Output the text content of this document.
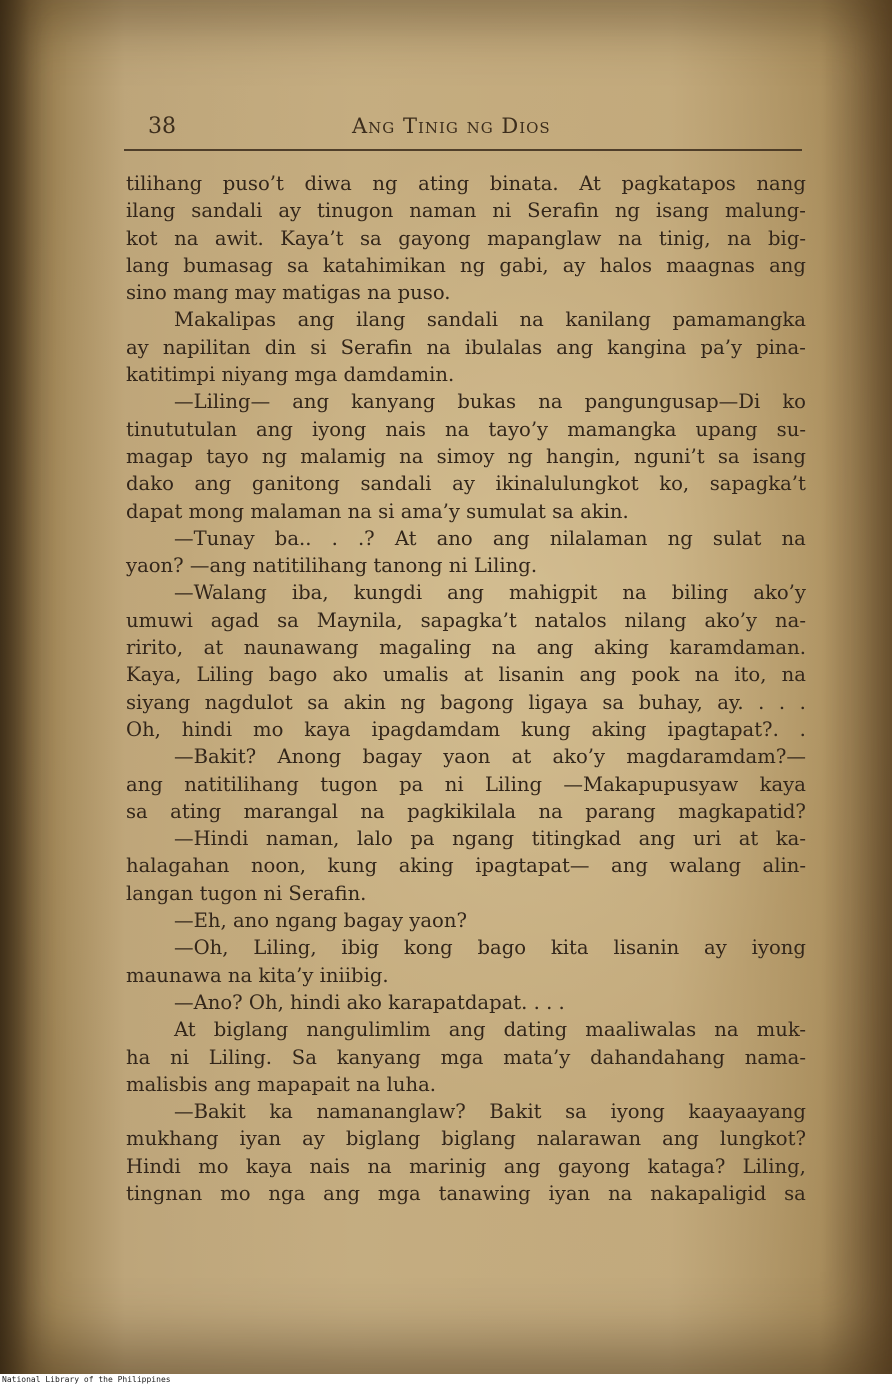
38	Ang Tinig ng Dios
tilihang puso’t diwa ng ating binata. At pagkatapos nang
ilang sandali ay tinugon naman ni Serafin ng isang malung-
kot na awit. Kaya’t sa gayong mapanglaw na tinig, na big-
lang bumasag sa katahimikan ng gabi, ay halos maagnas ang
sino mang may matigas na puso.
Makalipas ang ilang sandali na kanilang pamamangka
ay napilitan din si Serafin na ibulalas ang kangina pa’y pina-
katitimpi niyang mga damdamin.
—Liling— ang kanyang bukas na pangungusap—Di ko
tinututulan ang iyong nais na tayo’y mamangka upang su-
magap tayo ng malamig na simoy ng hangin, nguni’t sa isang
dako ang ganitong sandali ay ikinalulungkot ko, sapagka’t
dapat mong malaman na si ama’y sumulat sa akin.
—Tunay ba.. . .? At ano ang nilalaman ng sulat na
yaon? —ang natitilihang tanong ni Liling.
—Walang iba, kungdi ang mahigpit na biling ako’y
umuwi agad sa Maynila, sapagka’t natalos nilang ako’y na-
ririto, at naunawang magaling na ang aking karamdaman.
Kaya, Liling bago ako umalis at lisanin ang pook na ito, na
siyang nagdulot sa akin ng bagong ligaya sa buhay, ay. . . .
Oh, hindi mo kaya ipagdamdam kung aking ipagtapat?. .
—Bakit? Anong bagay yaon at ako’y magdaramdam?—
ang natitilihang tugon pa ni Liling —Makapupusyaw kaya
sa ating marangal na pagkikilala na parang magkapatid?
—Hindi naman, lalo pa ngang titingkad ang uri at ka-
halagahan noon, kung aking ipagtapat— ang walang alin-
langan tugon ni Serafin.
—Eh, ano ngang bagay yaon?
—Oh, Liling, ibig kong bago kita lisanin ay iyong
maunawa na kita’y iniibig.
—Ano? Oh, hindi ako karapatdapat. . . .
At biglang nangulimlim ang dating maaliwalas na muk-
ha ni Liling. Sa kanyang mga mata’y dahandahang nama-
malisbis ang mapapait na luha.
—Bakit ka namananglaw? Bakit sa iyong kaayaayang
mukhang iyan ay biglang biglang nalarawan ang lungkot?
Hindi mo kaya nais na marinig ang gayong kataga? Liling,
tingnan mo nga ang mga tanawing iyan na nakapaligid sa
National Library of the Philippines
